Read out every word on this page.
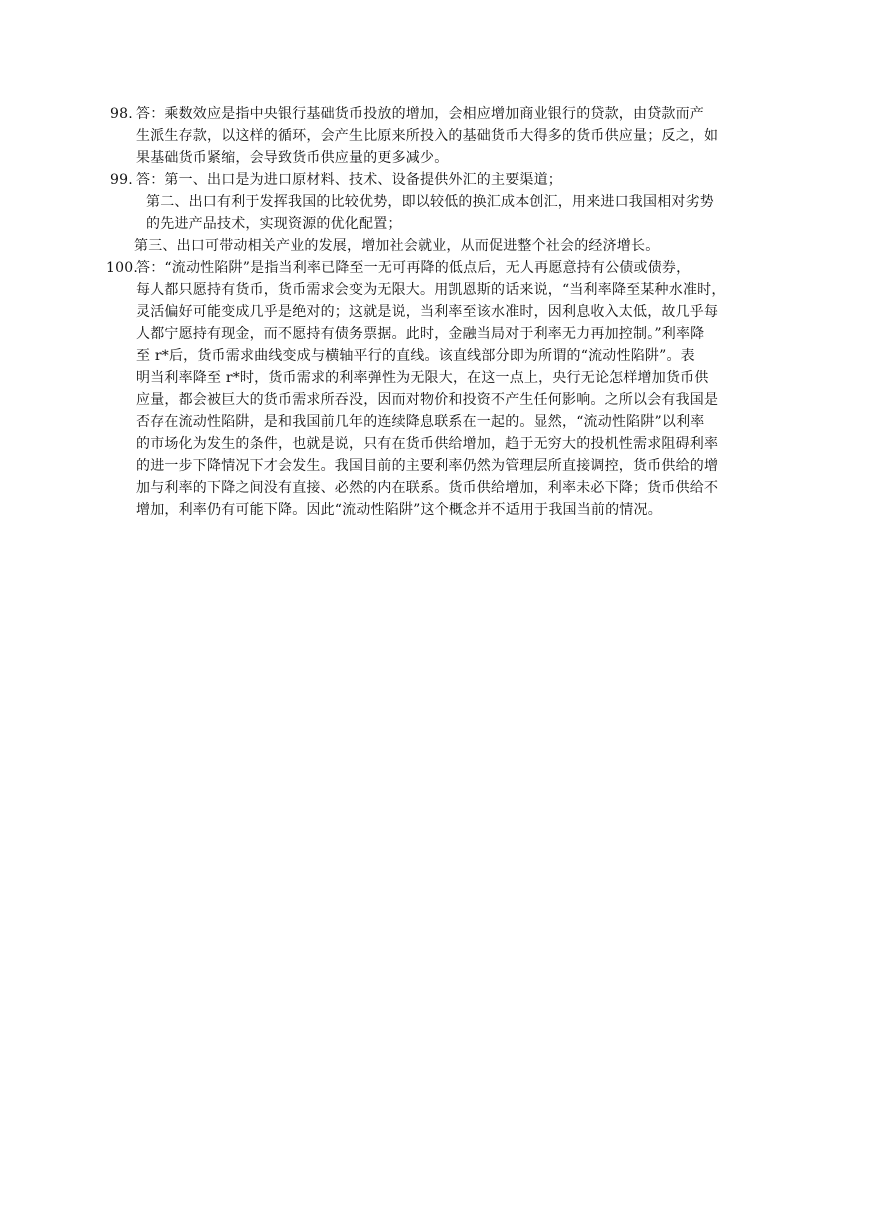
98. 答：乘数效应是指中央银行基础货币投放的增加，会相应增加商业银行的贷款，由贷款而产
生派生存款，以这样的循环，会产生比原来所投入的基础货币大得多的货币供应量；反之，如
果基础货币紧缩，会导致货币供应量的更多减少。
99. 答：第一、出口是为进口原材料、技术、设备提供外汇的主要渠道；
第二、出口有利于发挥我国的比较优势，即以较低的换汇成本创汇，用来进口我国相对劣势
的先进产品技术，实现资源的优化配置；
第三、出口可带动相关产业的发展，增加社会就业，从而促进整个社会的经济增长。
100.
答：“流动性陷阱”是指当利率已降至一无可再降的低点后，无人再愿意持有公债或债券，
每人都只愿持有货币，货币需求会变为无限大。用凯恩斯的话来说，“当利率降至某种水准时，
灵活偏好可能变成几乎是绝对的；这就是说，当利率至该水准时，因利息收入太低，故几乎每
人都宁愿持有现金，而不愿持有债务票据。此时，金融当局对于利率无力再加控制。”利率降
至 r*后，货币需求曲线变成与横轴平行的直线。该直线部分即为所谓的“流动性陷阱”。表
明当利率降至 r*时，货币需求的利率弹性为无限大，在这一点上，央行无论怎样增加货币供
应量，都会被巨大的货币需求所吞没，因而对物价和投资不产生任何影响。之所以会有我国是
否存在流动性陷阱，是和我国前几年的连续降息联系在一起的。显然，“流动性陷阱”以利率
的市场化为发生的条件，也就是说，只有在货币供给增加，趋于无穷大的投机性需求阻碍利率
的进一步下降情况下才会发生。我国目前的主要利率仍然为管理层所直接调控，货币供给的增
加与利率的下降之间没有直接、必然的内在联系。货币供给增加，利率未必下降；货币供给不
增加，利率仍有可能下降。因此“流动性陷阱”这个概念并不适用于我国当前的情况。
